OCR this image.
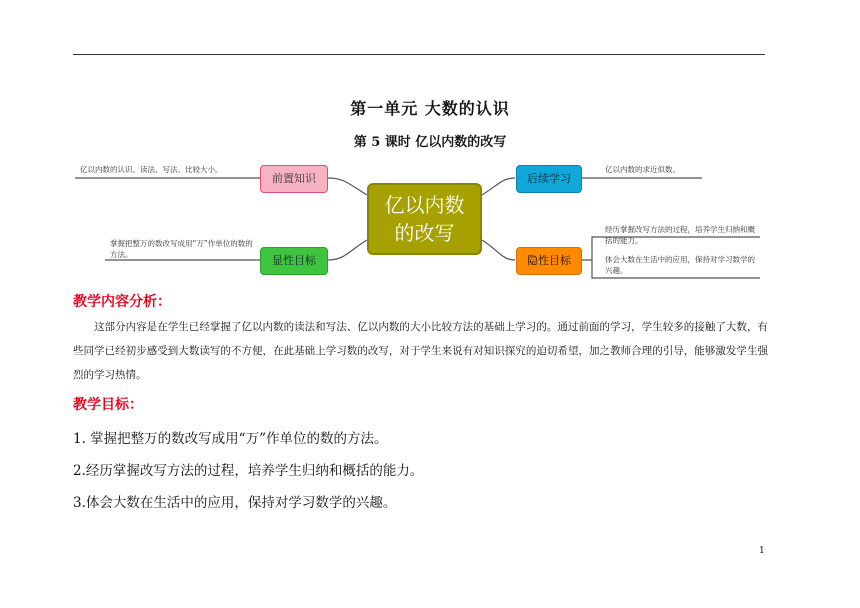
第一单元 大数的认识
第 5 课时 亿以内数的改写
亿以内数的认识、读法、写法、比较大小。
掌握把整万的数改写成用“万”作单位的数的方法。
亿以内数的求近似数。
经历掌握改写方法的过程，培养学生归纳和概括的能力。
体会大数在生活中的应用，保持对学习数学的兴趣。
前置知识
显性目标
后续学习
隐性目标
亿以内数的改写
教学内容分析：
这部分内容是在学生已经掌握了亿以内数的读法和写法、亿以内数的大小比较方法的基础上学习的。通过前面的学习，学生较多的接触了大数，有些同学已经初步感受到大数读写的不方便，在此基础上学习数的改写，对于学生来说有对知识探究的迫切希望，加之教师合理的引导，能够激发学生强烈的学习热情。
教学目标：
1. 掌握把整万的数改写成用“万”作单位的数的方法。
2.经历掌握改写方法的过程，培养学生归纳和概括的能力。
3.体会大数在生活中的应用，保持对学习数学的兴趣。
1
